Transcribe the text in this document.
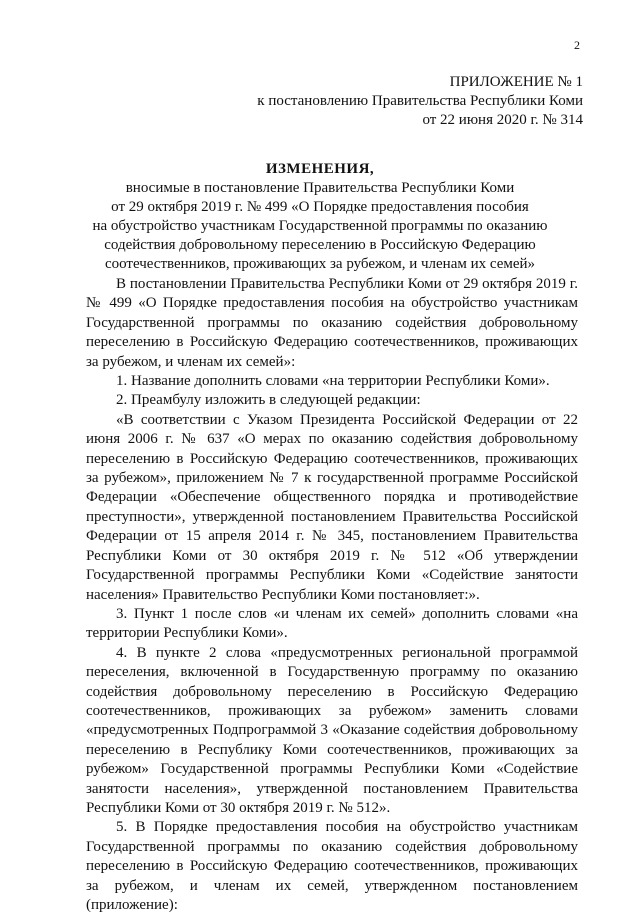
2
ПРИЛОЖЕНИЕ № 1
к постановлению Правительства Республики Коми
от 22 июня 2020 г. № 314
ИЗМЕНЕНИЯ,
вносимые в постановление Правительства Республики Коми
от 29 октября 2019 г. № 499 «О Порядке предоставления пособия
на обустройство участникам Государственной программы по оказанию
содействия добровольному переселению в Российскую Федерацию
соотечественников, проживающих за рубежом, и членам их семей»

В постановлении Правительства Республики Коми от 29 октября 2019 г. № 499 «О Порядке предоставления пособия на обустройство участникам Государственной программы по оказанию содействия добровольному переселению в Российскую Федерацию соотечественников, проживающих за рубежом, и членам их семей»:

1. Название дополнить словами «на территории Республики Коми».

2. Преамбулу изложить в следующей редакции:

«В соответствии с Указом Президента Российской Федерации от 22 июня 2006 г. № 637 «О мерах по оказанию содействия добровольному переселению в Российскую Федерацию соотечественников, проживающих за рубежом», приложением № 7 к государственной программе Российской Федерации «Обеспечение общественного порядка и противодействие преступности», утвержденной постановлением Правительства Российской Федерации от 15 апреля 2014 г. № 345, постановлением Правительства Республики Коми от 30 октября 2019 г. № 512 «Об утверждении Государственной программы Республики Коми «Содействие занятости населения» Правительство Республики Коми постановляет:».

3. Пункт 1 после слов «и членам их семей» дополнить словами «на территории Республики Коми».

4. В пункте 2 слова «предусмотренных региональной программой переселения, включенной в Государственную программу по оказанию содействия добровольному переселению в Российскую Федерацию соотечественников, проживающих за рубежом» заменить словами «предусмотренных Подпрограммой 3 «Оказание содействия добровольному переселению в Республику Коми соотечественников, проживающих за рубежом» Государственной программы Республики Коми «Содействие занятости населения», утвержденной постановлением Правительства Республики Коми от 30 октября 2019 г. № 512».

5. В Порядке предоставления пособия на обустройство участникам Государственной программы по оказанию содействия добровольному переселению в Российскую Федерацию соотечественников, проживающих за рубежом, и членам их семей, утвержденном постановлением (приложение):
